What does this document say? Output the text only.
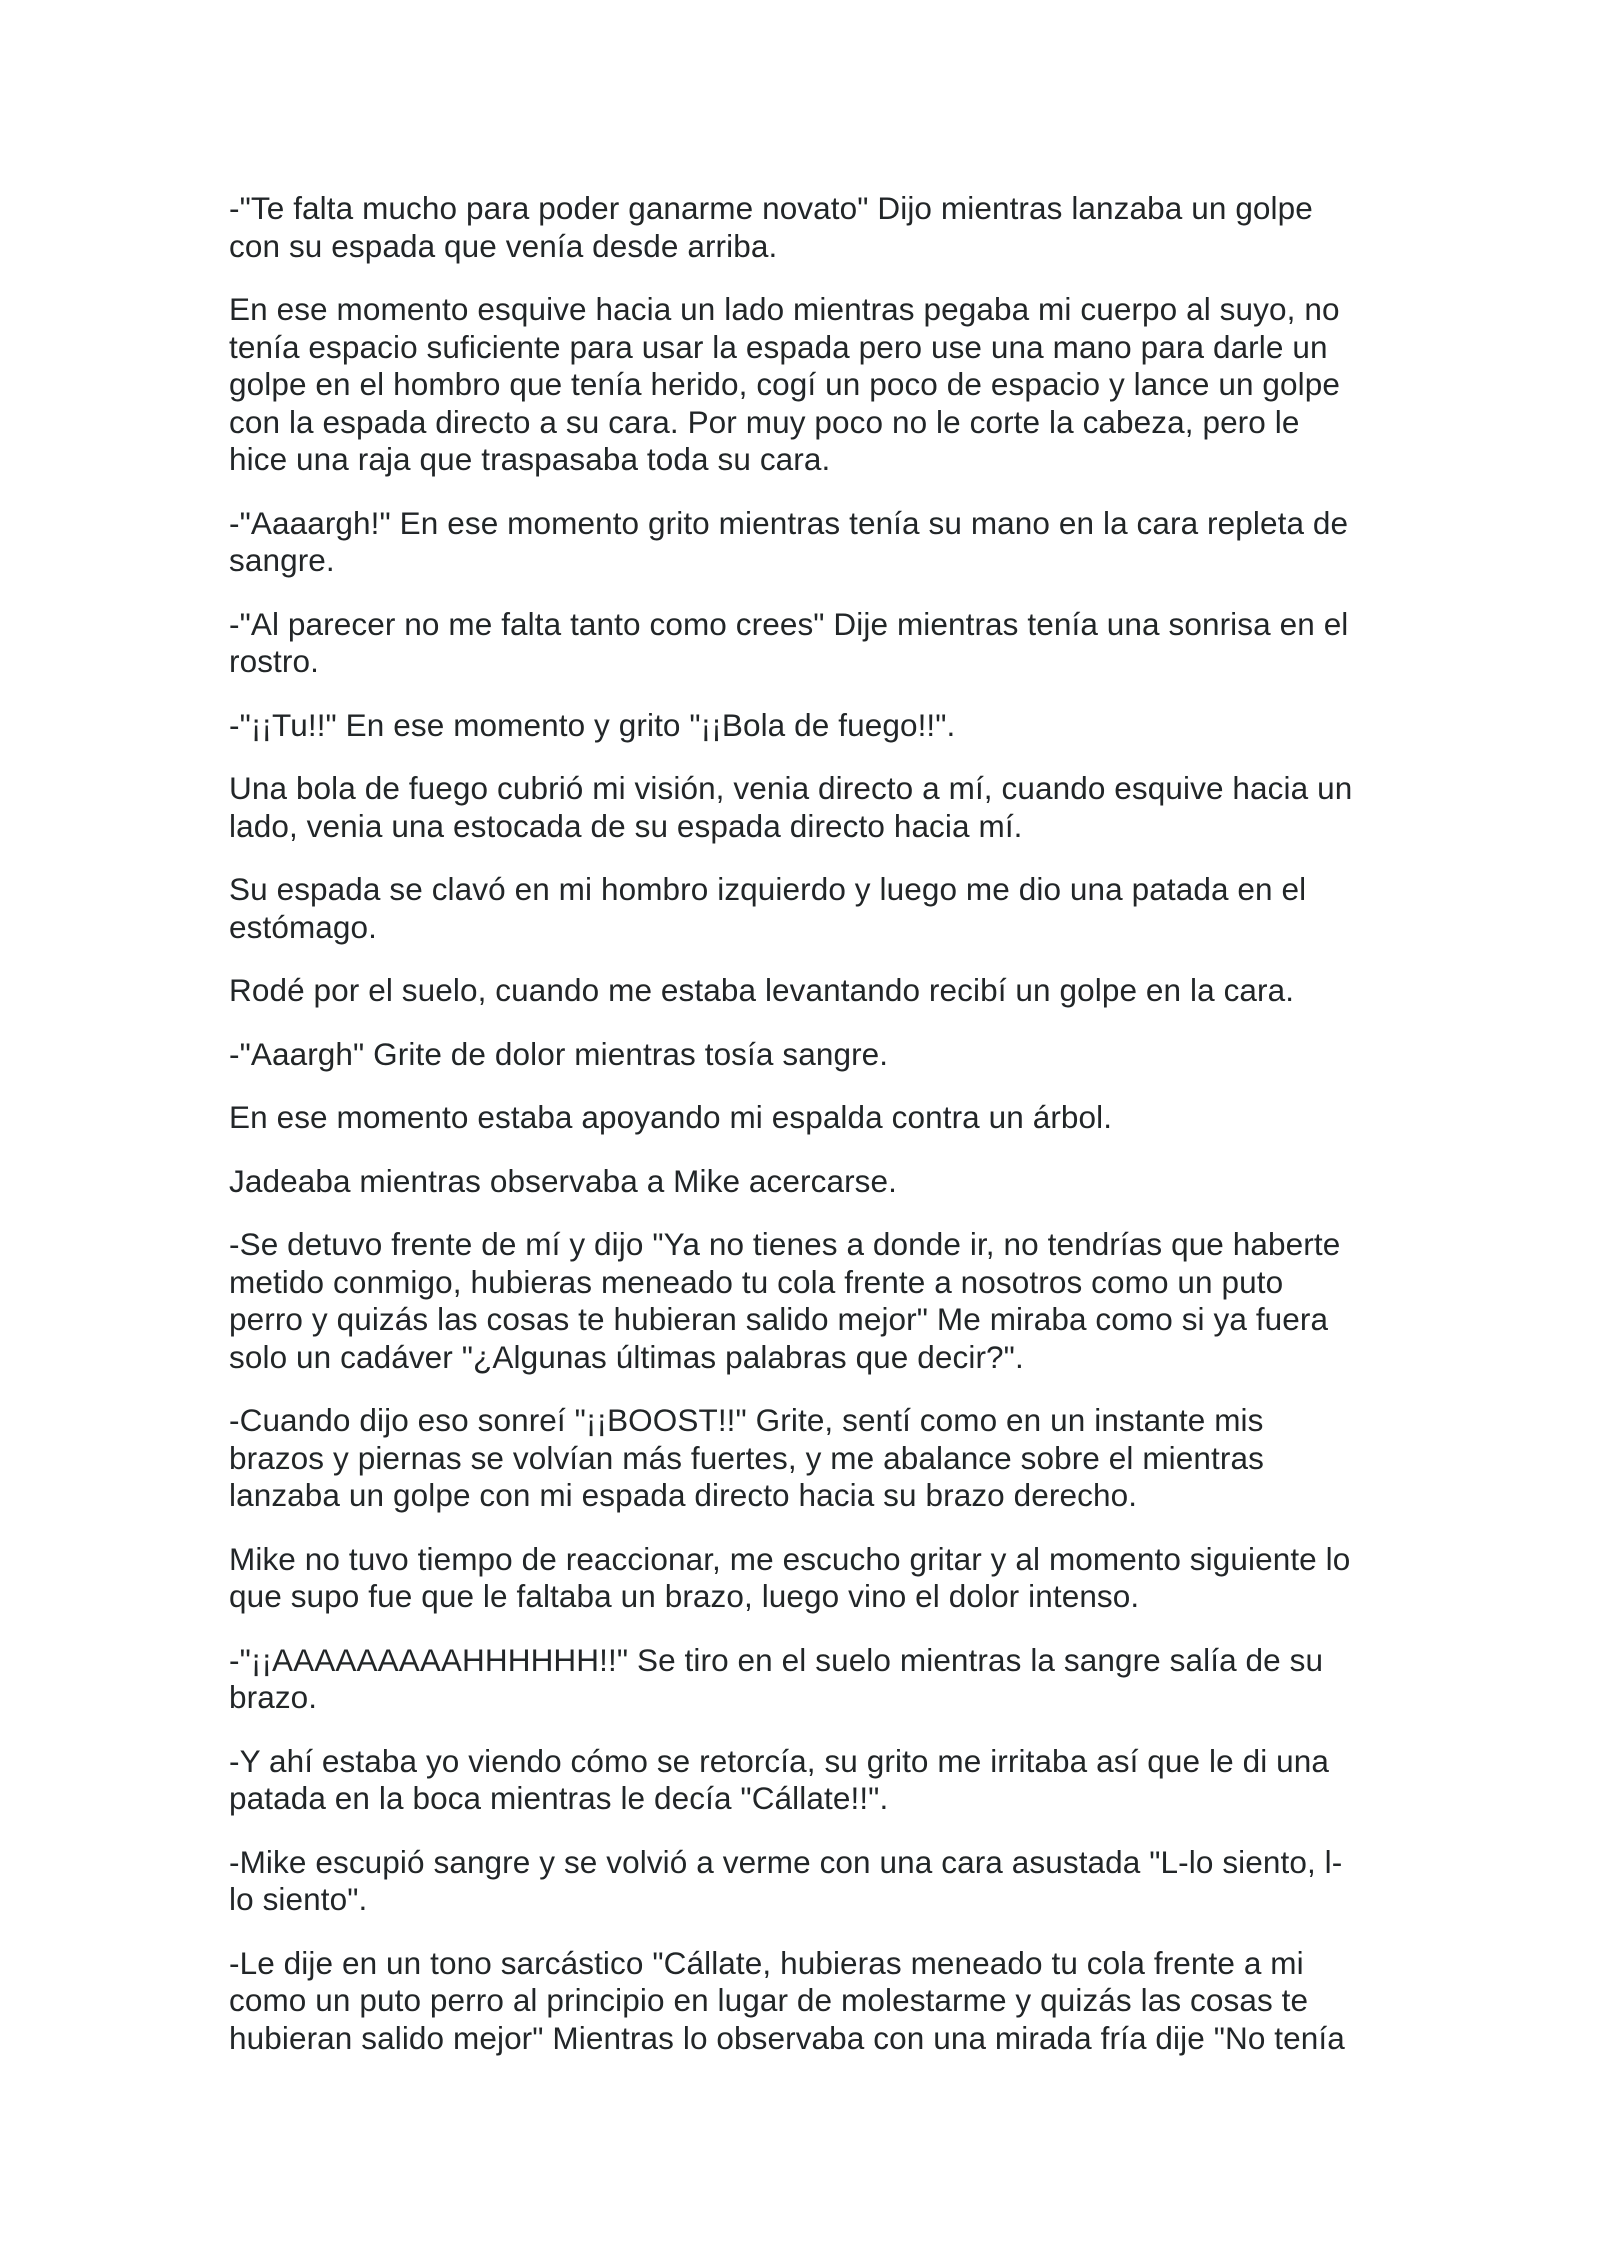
-"Te falta mucho para poder ganarme novato" Dijo mientras lanzaba un golpe
con su espada que venía desde arriba.

En ese momento esquive hacia un lado mientras pegaba mi cuerpo al suyo, no
tenía espacio suficiente para usar la espada pero use una mano para darle un
golpe en el hombro que tenía herido, cogí un poco de espacio y lance un golpe
con la espada directo a su cara. Por muy poco no le corte la cabeza, pero le
hice una raja que traspasaba toda su cara.

-"Aaaargh!" En ese momento grito mientras tenía su mano en la cara repleta de
sangre.

-"Al parecer no me falta tanto como crees" Dije mientras tenía una sonrisa en el
rostro.

-"¡¡Tu!!" En ese momento y grito "¡¡Bola de fuego!!".

Una bola de fuego cubrió mi visión, venia directo a mí, cuando esquive hacia un
lado, venia una estocada de su espada directo hacia mí.

Su espada se clavó en mi hombro izquierdo y luego me dio una patada en el
estómago.

Rodé por el suelo, cuando me estaba levantando recibí un golpe en la cara.

-"Aaargh" Grite de dolor mientras tosía sangre.

En ese momento estaba apoyando mi espalda contra un árbol.

Jadeaba mientras observaba a Mike acercarse.

-Se detuvo frente de mí y dijo "Ya no tienes a donde ir, no tendrías que haberte
metido conmigo, hubieras meneado tu cola frente a nosotros como un puto
perro y quizás las cosas te hubieran salido mejor" Me miraba como si ya fuera
solo un cadáver "¿Algunas últimas palabras que decir?".

-Cuando dijo eso sonreí "¡¡BOOST!!" Grite, sentí como en un instante mis
brazos y piernas se volvían más fuertes, y me abalance sobre el mientras
lanzaba un golpe con mi espada directo hacia su brazo derecho.

Mike no tuvo tiempo de reaccionar, me escucho gritar y al momento siguiente lo
que supo fue que le faltaba un brazo, luego vino el dolor intenso.

-"¡¡AAAAAAAAAHHHHHH!!" Se tiro en el suelo mientras la sangre salía de su
brazo.

-Y ahí estaba yo viendo cómo se retorcía, su grito me irritaba así que le di una
patada en la boca mientras le decía "Cállate!!".

-Mike escupió sangre y se volvió a verme con una cara asustada "L-lo siento, l-
lo siento".

-Le dije en un tono sarcástico "Cállate, hubieras meneado tu cola frente a mi
como un puto perro al principio en lugar de molestarme y quizás las cosas te
hubieran salido mejor" Mientras lo observaba con una mirada fría dije "No tenía
